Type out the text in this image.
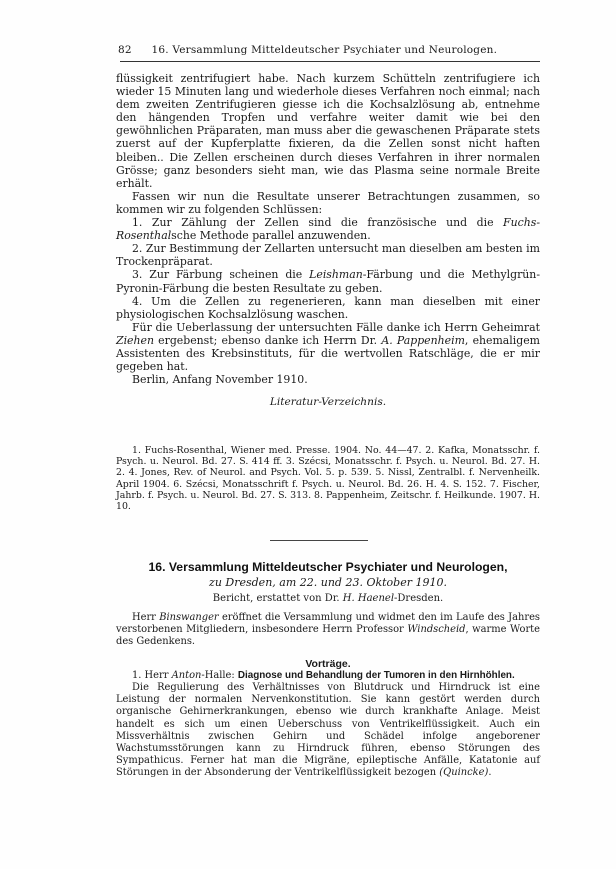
82 16. Versammlung Mitteldeutscher Psychiater und Neurologen.

flüssigkeit zentrifugiert habe. Nach kurzem Schütteln zentrifugiere ich wieder 15 Minuten lang und wiederhole dieses Verfahren noch einmal; nach dem zweiten Zentrifugieren giesse ich die Kochsalzlösung ab, entnehme den hängenden Tropfen und verfahre weiter damit wie bei den gewöhnlichen Präparaten, man muss aber die gewaschenen Präparate stets zuerst auf der Kupferplatte fixieren, da die Zellen sonst nicht haften bleiben.. Die Zellen erscheinen durch dieses Verfahren in ihrer normalen Grösse; ganz besonders sieht man, wie das Plasma seine normale Breite erhält.

Fassen wir nun die Resultate unserer Betrachtungen zusammen, so kommen wir zu folgenden Schlüssen:

1. Zur Zählung der Zellen sind die französische und die Fuchs-Rosenthalsche Methode parallel anzuwenden.

2. Zur Bestimmung der Zellarten untersucht man dieselben am besten im Trockenpräparat.

3. Zur Färbung scheinen die Leishman-Färbung und die Methylgrün-Pyronin-Färbung die besten Resultate zu geben.

4. Um die Zellen zu regenerieren, kann man dieselben mit einer physiologischen Kochsalzlösung waschen.

Für die Ueberlassung der untersuchten Fälle danke ich Herrn Geheimrat Ziehen ergebenst; ebenso danke ich Herrn Dr. A. Pappenheim, ehemaligem Assistenten des Krebsinstituts, für die wertvollen Ratschläge, die er mir gegeben hat.

Berlin, Anfang November 1910.

Literatur-Verzeichnis.

1. Fuchs-Rosenthal, Wiener med. Presse. 1904. No. 44—47. 2. Kafka, Monatsschr. f. Psych. u. Neurol. Bd. 27. S. 414 ff. 3. Szécsi, Monatsschr. f. Psych. u. Neurol. Bd. 27. H. 2. 4. Jones, Rev. of Neurol. and Psych. Vol. 5. p. 539. 5. Nissl, Zentralbl. f. Nervenheilk. April 1904. 6. Szécsi, Monatsschrift f. Psych. u. Neurol. Bd. 26. H. 4. S. 152. 7. Fischer, Jahrb. f. Psych. u. Neurol. Bd. 27. S. 313. 8. Pappenheim, Zeitschr. f. Heilkunde. 1907. H. 10.

16. Versammlung Mitteldeutscher Psychiater und Neurologen,

zu Dresden, am 22. und 23. Oktober 1910.

Bericht, erstattet von Dr. H. Haenel-Dresden.

Herr Binswanger eröffnet die Versammlung und widmet den im Laufe des Jahres verstorbenen Mitgliedern, insbesondere Herrn Professor Windscheid, warme Worte des Gedenkens.

Vorträge.

1. Herr Anton-Halle: Diagnose und Behandlung der Tumoren in den Hirnhöhlen.

Die Regulierung des Verhältnisses von Blutdruck und Hirndruck ist eine Leistung der normalen Nervenkonstitution. Sie kann gestört werden durch organische Gehirnerkrankungen, ebenso wie durch krankhafte Anlage. Meist handelt es sich um einen Ueberschuss von Ventrikelflüssigkeit. Auch ein Missverhältnis zwischen Gehirn und Schädel infolge angeborener Wachstumsstörungen kann zu Hirndruck führen, ebenso Störungen des Sympathicus. Ferner hat man die Migräne, epileptische Anfälle, Katatonie auf Störungen in der Absonderung der Ventrikelflüssigkeit bezogen (Quincke).
